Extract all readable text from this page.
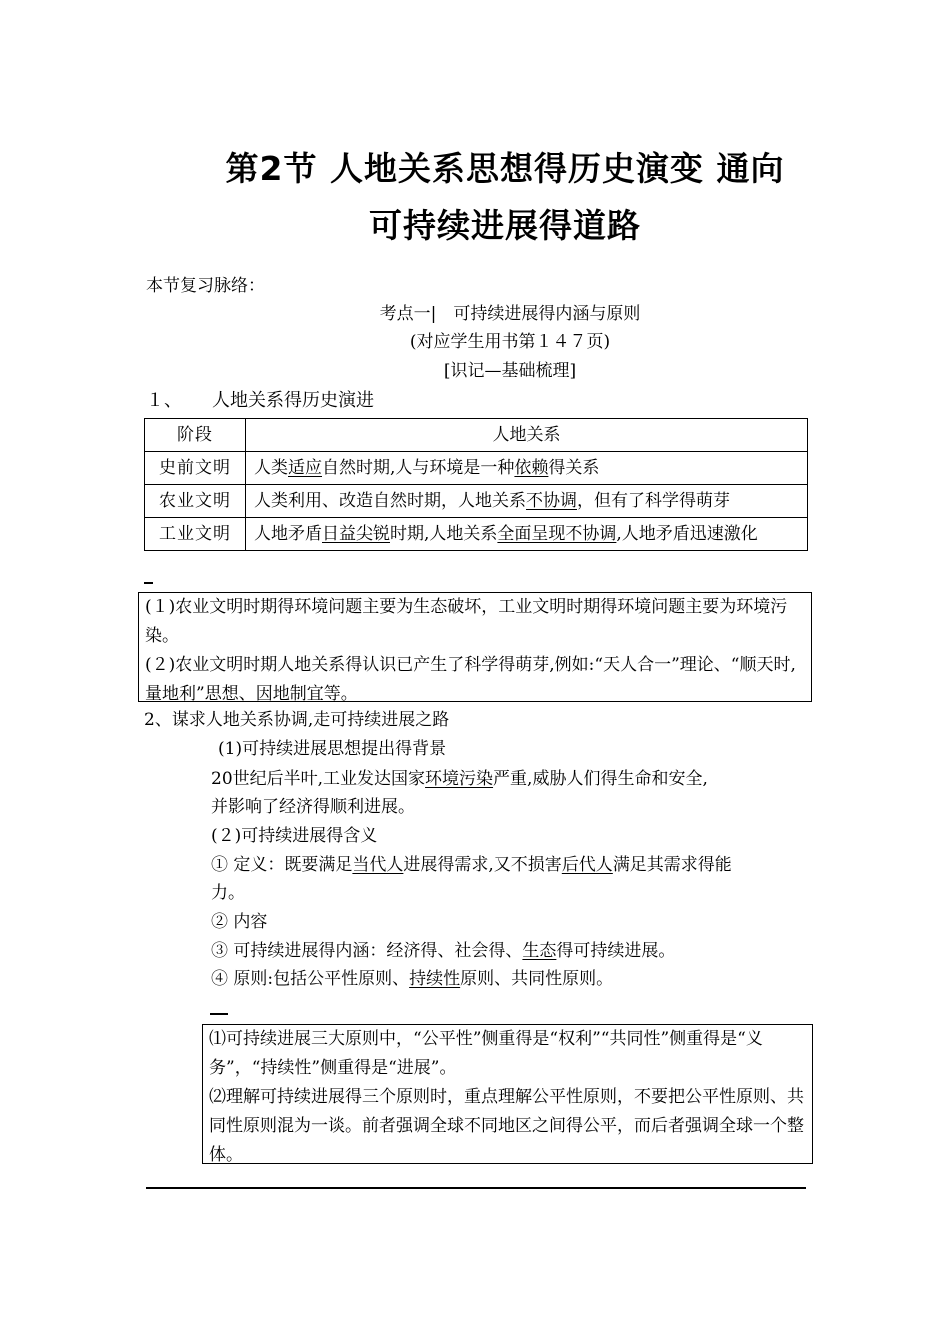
第2节 人地关系思想得历史演变 通向
可持续进展得道路
本节复习脉络：
考点一|　可持续进展得内涵与原则
(对应学生用书第１４７页)
[识记—基础梳理]
１、 人地关系得历史演进
阶段	人地关系
史前文明	人类适应自然时期,人与环境是一种依赖得关系
农业文明	人类利用、改造自然时期，人地关系不协调，但有了科学得萌芽
工业文明	人地矛盾日益尖锐时期,人地关系全面呈现不协调,人地矛盾迅速激化

(１)农业文明时期得环境问题主要为生态破坏，工业文明时期得环境问题主要为环境污染。

(２)农业文明时期人地关系得认识已产生了科学得萌芽,例如:“天人合一”理论、“顺天时,量地利”思想、因地制宜等。

2、谋求人地关系协调,走可持续进展之路
(1)可持续进展思想提出得背景
20世纪后半叶,工业发达国家环境污染严重,威胁人们得生命和安全,
并影响了经济得顺利进展。
(２)可持续进展得含义
① 定义：既要满足当代人进展得需求,又不损害后代人满足其需求得能
力。
② 内容
③ 可持续进展得内涵：经济得、社会得、生态得可持续进展。
④ 原则:包括公平性原则、持续性原则、共同性原则。

⑴可持续进展三大原则中，“公平性”侧重得是“权利”“共同性”侧重得是“义务”，“持续性”侧重得是“进展”。

⑵理解可持续进展得三个原则时，重点理解公平性原则，不要把公平性原则、共同性原则混为一谈。前者强调全球不同地区之间得公平，而后者强调全球一个整体。
